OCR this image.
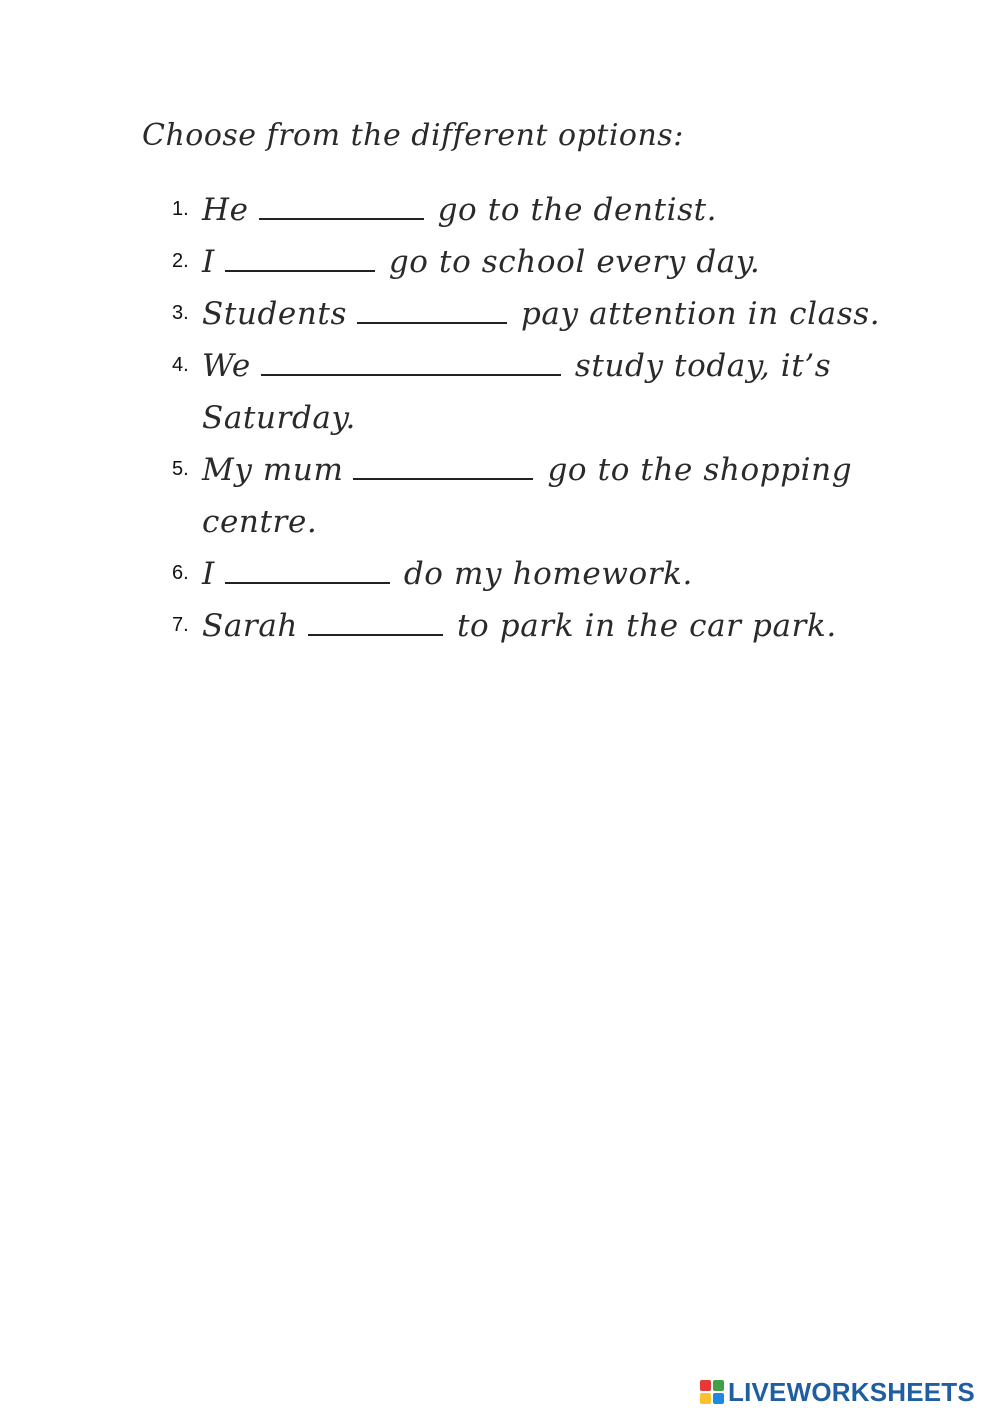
Choose from the different options:
1. He	go to the dentist.
2. I	go to school every day.
3. Students	pay attention in class.
4. We	study today, it’s
Saturday.
5. My mum	go to the shopping
centre.
6. I	do my homework.
7. Sarah	to park in the car park.
LIVEWORKSHEETS
